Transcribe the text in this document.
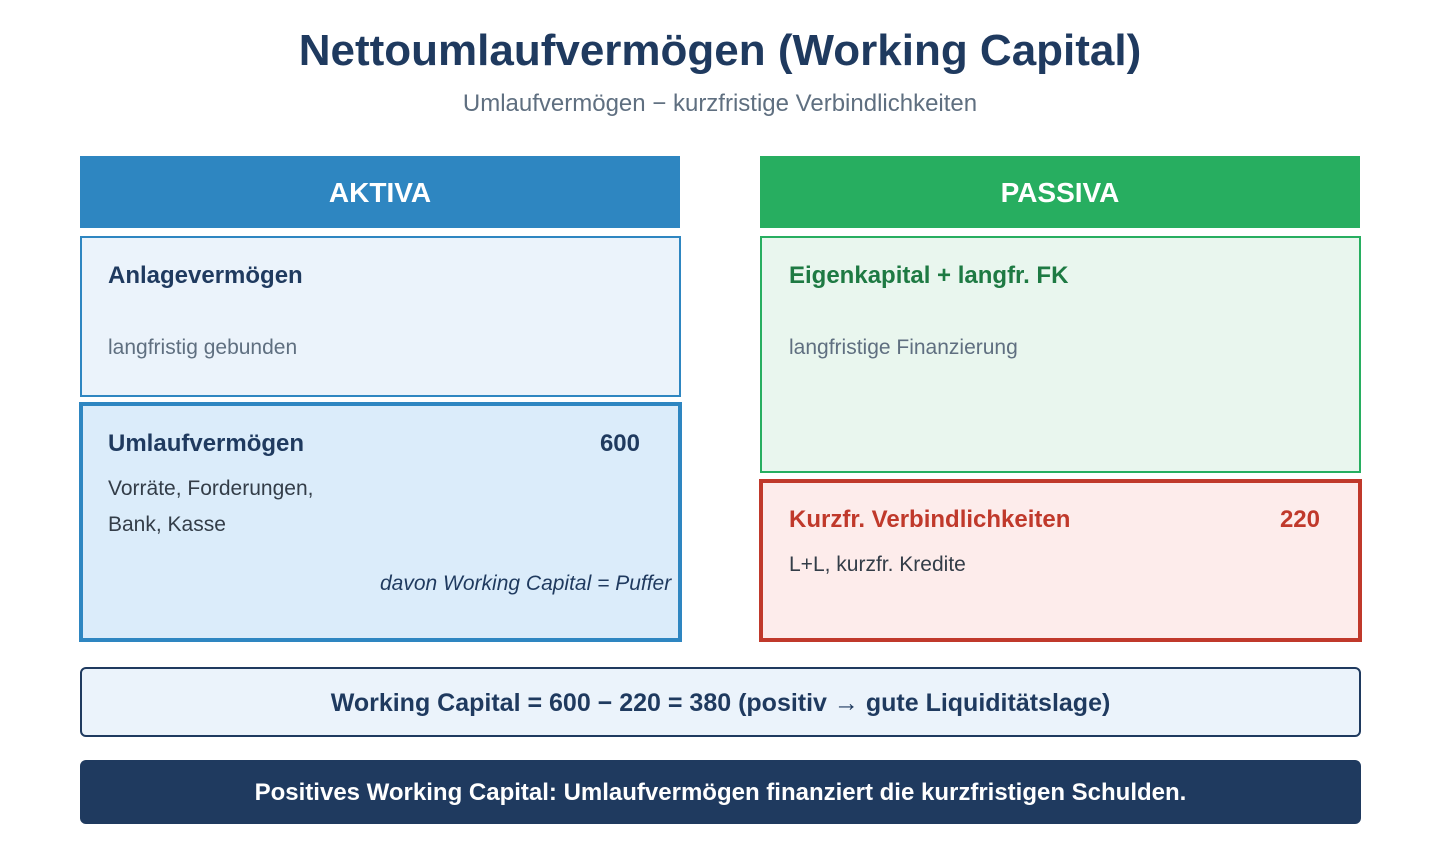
Nettoumlaufvermögen (Working Capital)
Umlaufvermögen − kurzfristige Verbindlichkeiten
AKTIVA	PASSIVA
Anlagevermögen
langfristig gebunden
Umlaufvermögen	600
Vorräte, Forderungen,
Bank, Kasse
davon Working Capital = Puffer
Eigenkapital + langfr. FK
langfristige Finanzierung
Kurzfr. Verbindlichkeiten	220
L+L, kurzfr. Kredite
Working Capital = 600 − 220 = 380 (positiv → gute Liquiditätslage)
Positives Working Capital: Umlaufvermögen finanziert die kurzfristigen Schulden.
